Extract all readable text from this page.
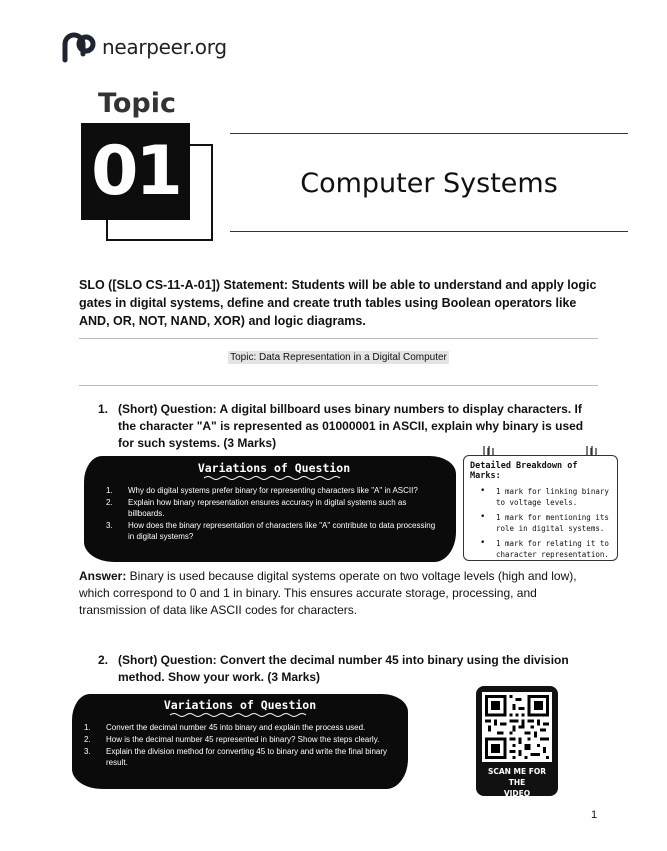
nearpeer.org
Topic
01	Computer Systems
SLO ([SLO CS-11-A-01]) Statement: Students will be able to understand and apply logic gates in digital systems, define and create truth tables using Boolean operators like AND, OR, NOT, NAND, XOR) and logic diagrams.
Topic: Data Representation in a Digital Computer
1. (Short) Question: A digital billboard uses binary numbers to display characters. If the character "A" is represented as 01000001 in ASCII, explain why binary is used for such systems. (3 Marks)
Variations of Question
1.	Why do digital systems prefer binary for representing characters like "A" in ASCII?
2.	Explain how binary representation ensures accuracy in digital systems such as billboards.
3.	How does the binary representation of characters like "A" contribute to data processing in digital systems?
Detailed Breakdown of Marks:
•	1 mark for linking binary to voltage levels.
•	1 mark for mentioning its role in digital systems.
•	1 mark for relating it to character representation.
Answer: Binary is used because digital systems operate on two voltage levels (high and low), which correspond to 0 and 1 in binary. This ensures accurate storage, processing, and transmission of data like ASCII codes for characters.
2. (Short) Question: Convert the decimal number 45 into binary using the division method. Show your work. (3 Marks)
Variations of Question
1.	Convert the decimal number 45 into binary and explain the process used.
2.	How is the decimal number 45 represented in binary? Show the steps clearly.
3.	Explain the division method for converting 45 to binary and write the final binary result.
SCAN ME FOR THE
VIDEO SOLUTION
1
